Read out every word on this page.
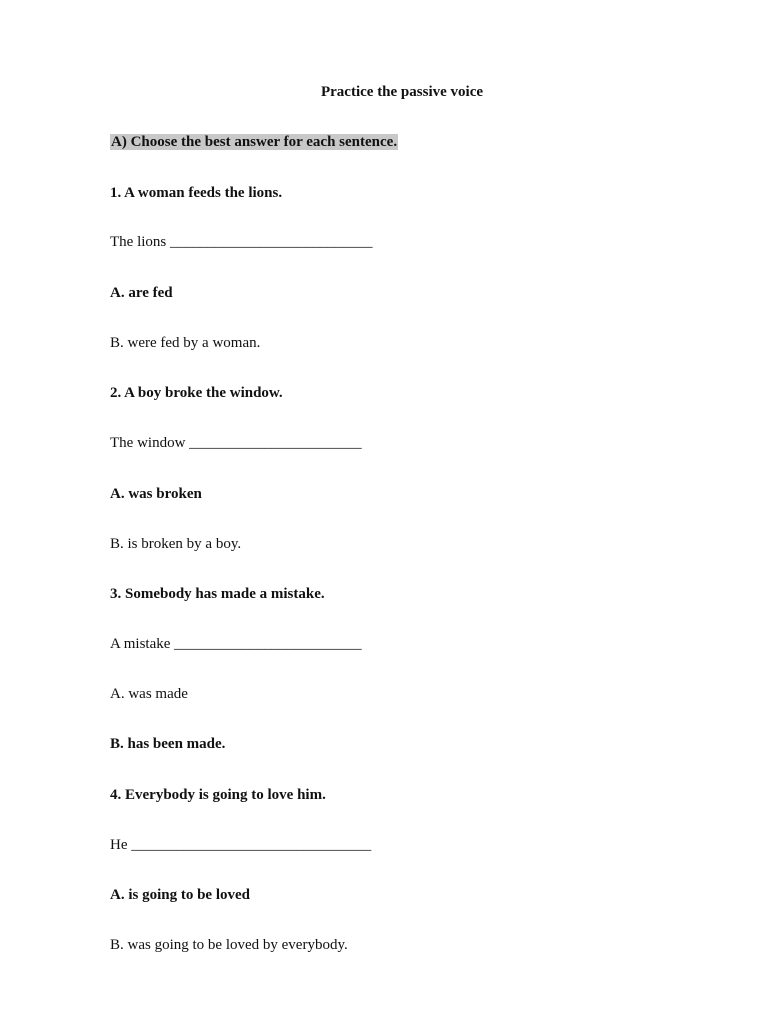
Practice the passive voice
A) Choose the best answer for each sentence.
1. A woman feeds the lions.
The lions ___________________________
A. are fed
B. were fed by a woman.
2. A boy broke the window.
The window _______________________
A. was broken
B. is broken by a boy.
3. Somebody has made a mistake.
A mistake _________________________
A. was made
B. has been made.
4. Everybody is going to love him.
He ________________________________
A. is going to be loved
B. was going to be loved by everybody.
